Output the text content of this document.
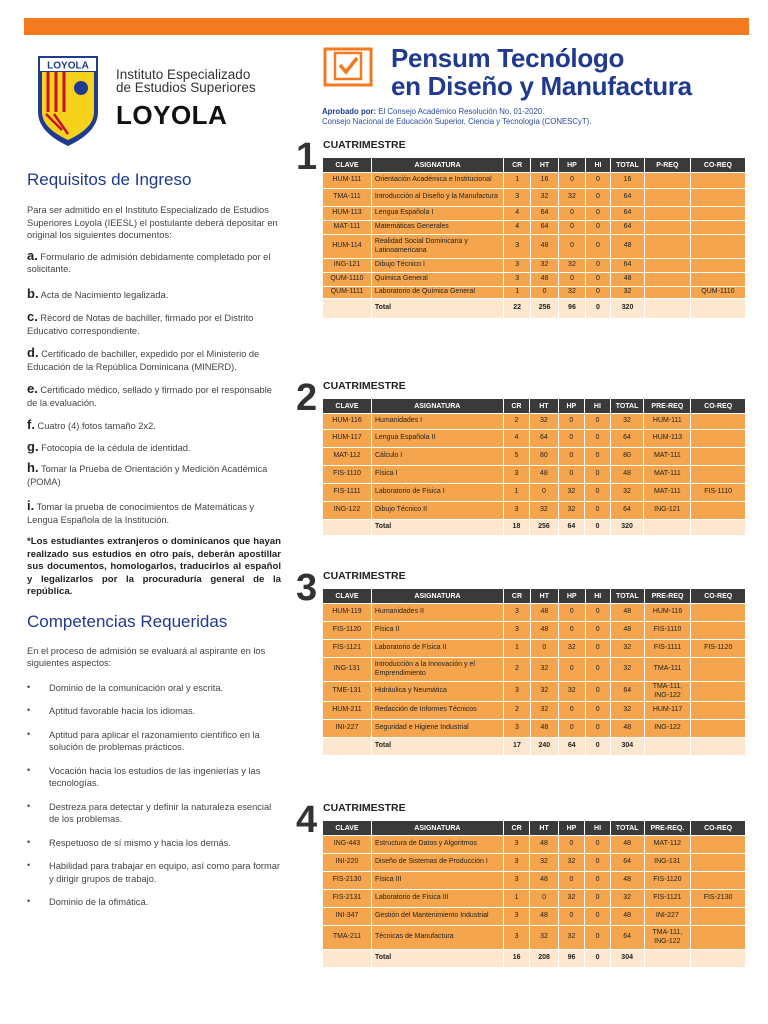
LOYOLA
Instituto Especializado
de Estudios Superiores
LOYOLA
Pensum Tecnólogo
en Diseño y Manufactura
Aprobado por: El Consejo Académico Resolución No. 01-2020.
Consejo Nacional de Educación Superior, Ciencia y Tecnología (CONESCyT).
Requisitos de Ingreso

Para ser admitido en el Instituto Especializado de Estudios Superiores Loyola (IEESL) el postulante deberá depositar en original los siguientes documentos:

a. Formulario de admisión debidamente completado por el solicitante.

b. Acta de Nacimiento legalizada.

c. Récord de Notas de bachiller, firmado por el Distrito Educativo correspondiente.

d. Certificado de bachiller, expedido por el Ministerio de Educación de la República Dominicana (MINERD).

e. Certificado médico, sellado y firmado por el responsable de la evaluación.

f. Cuatro (4) fotos tamaño 2x2.

g. Fotocopia de la cédula de identidad.

h. Tomar la Prueba de Orientación y Medición Académica (POMA)

i. Tomar la prueba de conocimientos de Matemáticas y Lengua Española de la Institución.

*Los estudiantes extranjeros o dominicanos que hayan realizado sus estudios en otro país, deberán apostillar sus documentos, homologarlos, traducirlos al español y legalizarlos por la procuraduría general de la república.

Competencias Requeridas

En el proceso de admisión se evaluará al aspirante en los siguientes aspectos:

• Dominio de la comunicación oral y escrita.

• Aptitud favorable hacia los idiomas.

• Aptitud para aplicar el razonamiento científico en la solución de problemas prácticos.

• Vocación hacia los estudios de las ingenierías y las tecnologías.

• Destreza para detectar y definir la naturaleza esencial de los problemas.

• Respetuoso de sí mismo y hacia los demás.

• Habilidad para trabajar en equipo, así como para formar y dirigir grupos de trabajo.

• Dominio de la ofimática.

1 CUATRIMESTRE
CLAVE	ASIGNATURA	CR	HT	HP	HI	TOTAL	P-REQ	CO-REQ
HUM-111	Orientación Académica e Institucional	1	16	0	0	16		
TMA-111	Introducción al Diseño y la Manufactura	3	32	32	0	64		
HUM-113	Lengua Española I	4	64	0	0	64		
MAT-111	Matemáticas Generales	4	64	0	0	64		
HUM-114	Realidad Social Dominicana y Latinoamericana	3	48	0	0	48		
ING-121	Dibujo Técnico I	3	32	32	0	64		
QUM-1110	Química General	3	48	0	0	48		
QUM-1111	Laboratorio de Química General	1	0	32	0	32		QUM-1110
	Total	22	256	96	0	320		
2 CUATRIMESTRE
CLAVE	ASIGNATURA	CR	HT	HP	HI	TOTAL	PRE-REQ	CO-REQ
HUM-116	Humanidades I	2	32	0	0	32	HUM-111	
HUM-117	Lengua Española II	4	64	0	0	64	HUM-113	
MAT-112	Cálculo I	5	80	0	0	80	MAT-111	
FIS-1110	Física I	3	48	0	0	48	MAT-111	
FIS-1111	Laboratorio de Física I	1	0	32	0	32	MAT-111	FIS-1110
ING-122	Dibujo Técnico II	3	32	32	0	64	ING-121	
	Total	18	256	64	0	320		
3 CUATRIMESTRE
CLAVE	ASIGNATURA	CR	HT	HP	HI	TOTAL	PRE-REQ	CO-REQ
HUM-119	Humanidades II	3	48	0	0	48	HUM-116	
FIS-1120	Física II	3	48	0	0	48	FIS-1110	
FIS-1121	Laboratorio de Física II	1	0	32	0	32	FIS-1111	FIS-1120
ING-131	Introducción a la Innovación y el Emprendimiento	2	32	0	0	32	TMA-111	
TME-131	Hidráulica y Neumática	3	32	32	0	64	TMA-111, ING-122	
HUM-211	Redacción de Informes Técnicos	2	32	0	0	32	HUM-117	
INI-227	Seguridad e Higiene Industrial	3	48	0	0	48	ING-122	
	Total	17	240	64	0	304		
4 CUATRIMESTRE
CLAVE	ASIGNATURA	CR	HT	HP	HI	TOTAL	PRE-REQ.	CO-REQ
ING-443	Estructura de Datos y Algoritmos	3	48	0	0	48	MAT-112	
INI-220	Diseño de Sistemas de Producción I	3	32	32	0	64	ING-131	
FIS-2130	Física III	3	48	0	0	48	FIS-1120	
FIS-2131	Laboratorio de Física III	1	0	32	0	32	FIS-1121	FIS-2130
INI-347	Gestión del Mantenimiento Industrial	3	48	0	0	48	INI-227	
TMA-211	Técnicas de Manufactura	3	32	32	0	64	TMA-111, ING-122	
	Total	16	208	96	0	304		
